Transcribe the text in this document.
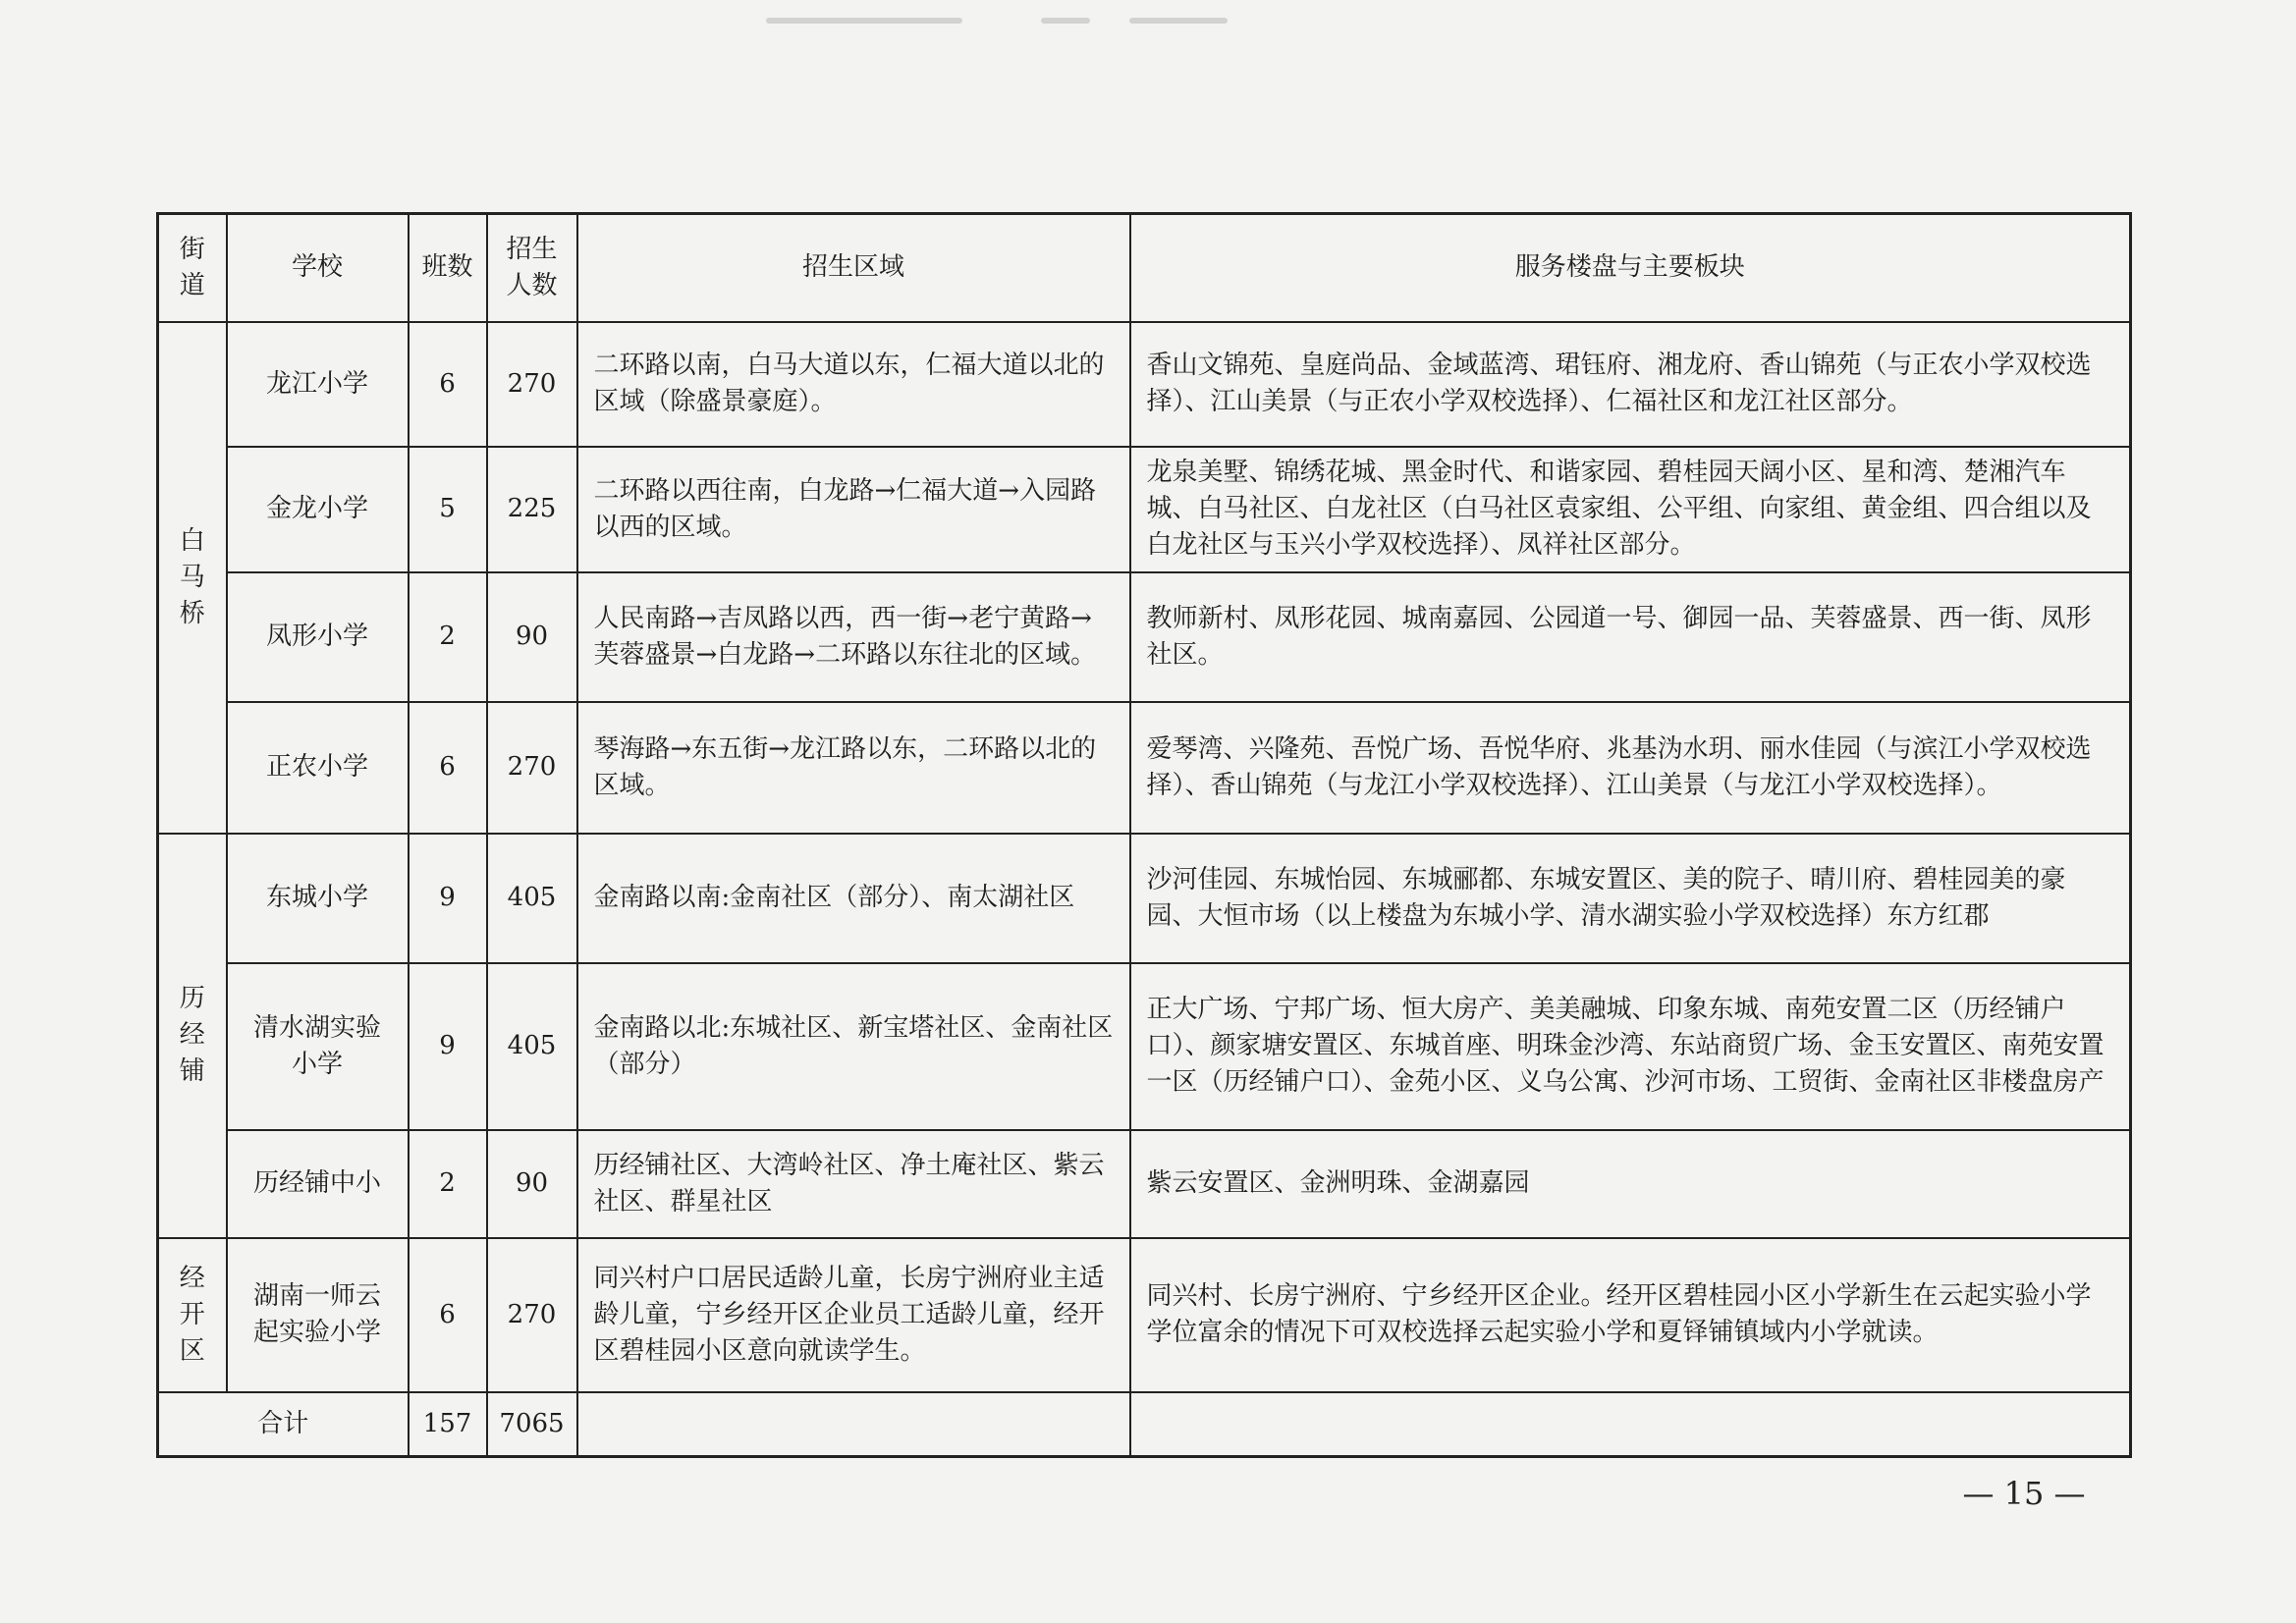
街道	学校	班数	招生人数	招生区域	服务楼盘与主要板块
白马桥	龙江小学	6	270	二环路以南，白马大道以东，仁福大道以北的区域（除盛景豪庭）。	香山文锦苑、皇庭尚品、金域蓝湾、珺钰府、湘龙府、香山锦苑（与正农小学双校选择）、江山美景（与正农小学双校选择）、仁福社区和龙江社区部分。
	金龙小学	5	225	二环路以西往南，白龙路→仁福大道→入园路以西的区域。	龙泉美墅、锦绣花城、黑金时代、和谐家园、碧桂园天阔小区、星和湾、楚湘汽车城、白马社区、白龙社区（白马社区袁家组、公平组、向家组、黄金组、四合组以及白龙社区与玉兴小学双校选择）、凤祥社区部分。
	凤形小学	2	90	人民南路→吉凤路以西，西一街→老宁黄路→芙蓉盛景→白龙路→二环路以东往北的区域。	教师新村、凤形花园、城南嘉园、公园道一号、御园一品、芙蓉盛景、西一街、凤形社区。
	正农小学	6	270	琴海路→东五街→龙江路以东，二环路以北的区域。	爱琴湾、兴隆苑、吾悦广场、吾悦华府、兆基沩水玥、丽水佳园（与滨江小学双校选择）、香山锦苑（与龙江小学双校选择）、江山美景（与龙江小学双校选择）。
历经铺	东城小学	9	405	金南路以南:金南社区（部分）、南太湖社区	沙河佳园、东城怡园、东城郦都、东城安置区、美的院子、晴川府、碧桂园美的豪园、大恒市场（以上楼盘为东城小学、清水湖实验小学双校选择）东方红郡
	清水湖实验小学	9	405	金南路以北:东城社区、新宝塔社区、金南社区（部分）	正大广场、宁邦广场、恒大房产、美美融城、印象东城、南苑安置二区（历经铺户口）、颜家塘安置区、东城首座、明珠金沙湾、东站商贸广场、金玉安置区、南苑安置一区（历经铺户口）、金苑小区、义乌公寓、沙河市场、工贸街、金南社区非楼盘房产
	历经铺中小	2	90	历经铺社区、大湾岭社区、净土庵社区、紫云社区、群星社区	紫云安置区、金洲明珠、金湖嘉园
经开区	湖南一师云起实验小学	6	270	同兴村户口居民适龄儿童，长房宁洲府业主适龄儿童，宁乡经开区企业员工适龄儿童，经开区碧桂园小区意向就读学生。	同兴村、长房宁洲府、宁乡经开区企业。经开区碧桂园小区小学新生在云起实验小学学位富余的情况下可双校选择云起实验小学和夏铎铺镇域内小学就读。
合计		157	7065		
— 15 —
